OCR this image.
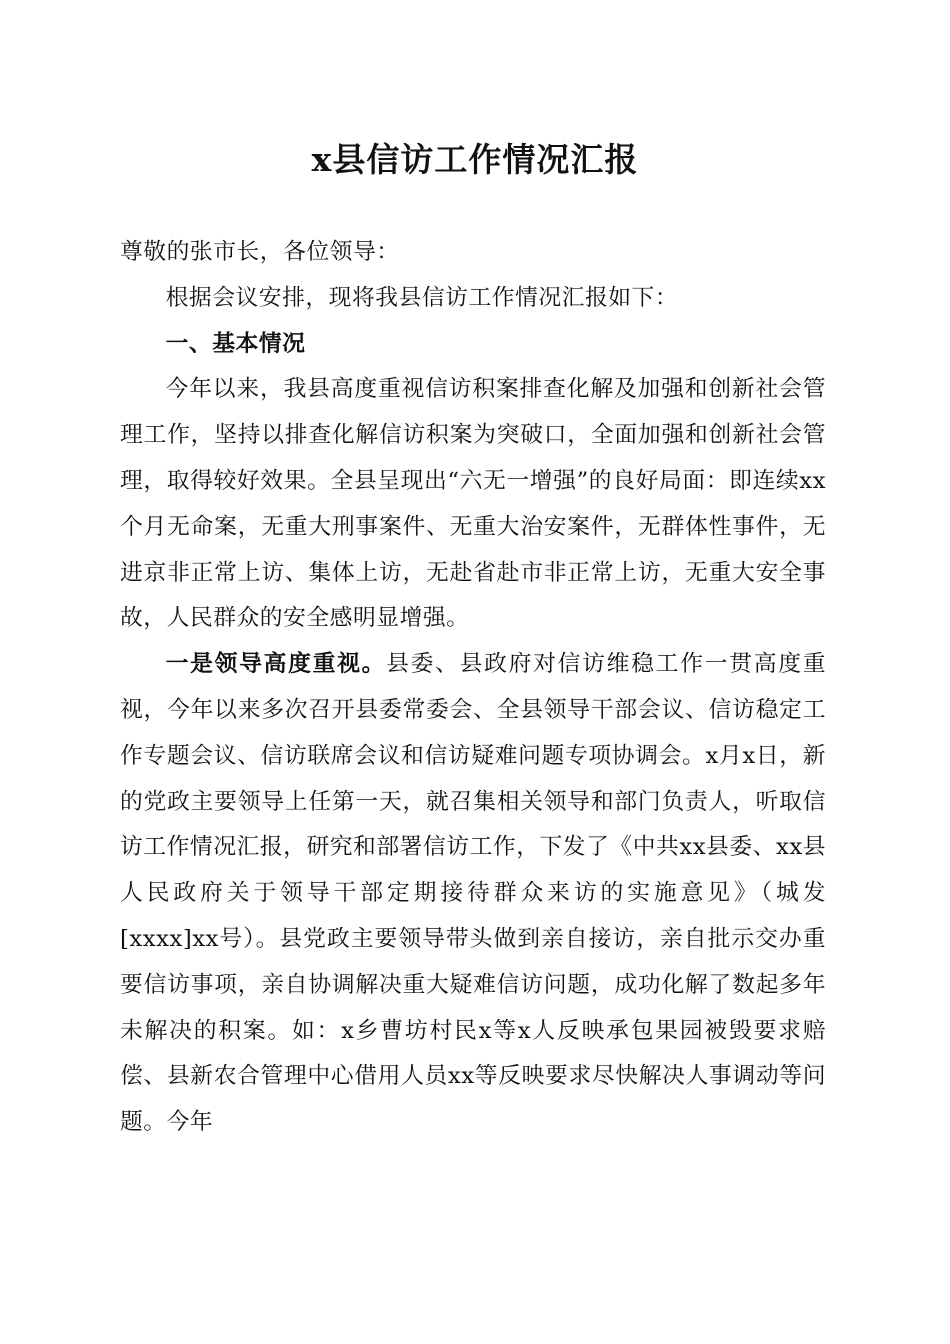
x县信访工作情况汇报

尊敬的张市长，各位领导：

根据会议安排，现将我县信访工作情况汇报如下：

一、基本情况

今年以来，我县高度重视信访积案排查化解及加强和创新社会管理工作，坚持以排查化解信访积案为突破口，全面加强和创新社会管理，取得较好效果。全县呈现出“六无一增强”的良好局面：即连续xx个月无命案，无重大刑事案件、无重大治安案件，无群体性事件，无进京非正常上访、集体上访，无赴省赴市非正常上访，无重大安全事故，人民群众的安全感明显增强。

一是领导高度重视。县委、县政府对信访维稳工作一贯高度重视，今年以来多次召开县委常委会、全县领导干部会议、信访稳定工作专题会议、信访联席会议和信访疑难问题专项协调会。x月x日，新的党政主要领导上任第一天，就召集相关领导和部门负责人，听取信访工作情况汇报，研究和部署信访工作，下发了《中共xx县委、xx县人民政府关于领导干部定期接待群众来访的实施意见》（城发[xxxx]xx号）。县党政主要领导带头做到亲自接访，亲自批示交办重要信访事项，亲自协调解决重大疑难信访问题，成功化解了数起多年未解决的积案。如：x乡曹坊村民x等x人反映承包果园被毁要求赔偿、县新农合管理中心借用人员xx等反映要求尽快解决人事调动等问题。今年
